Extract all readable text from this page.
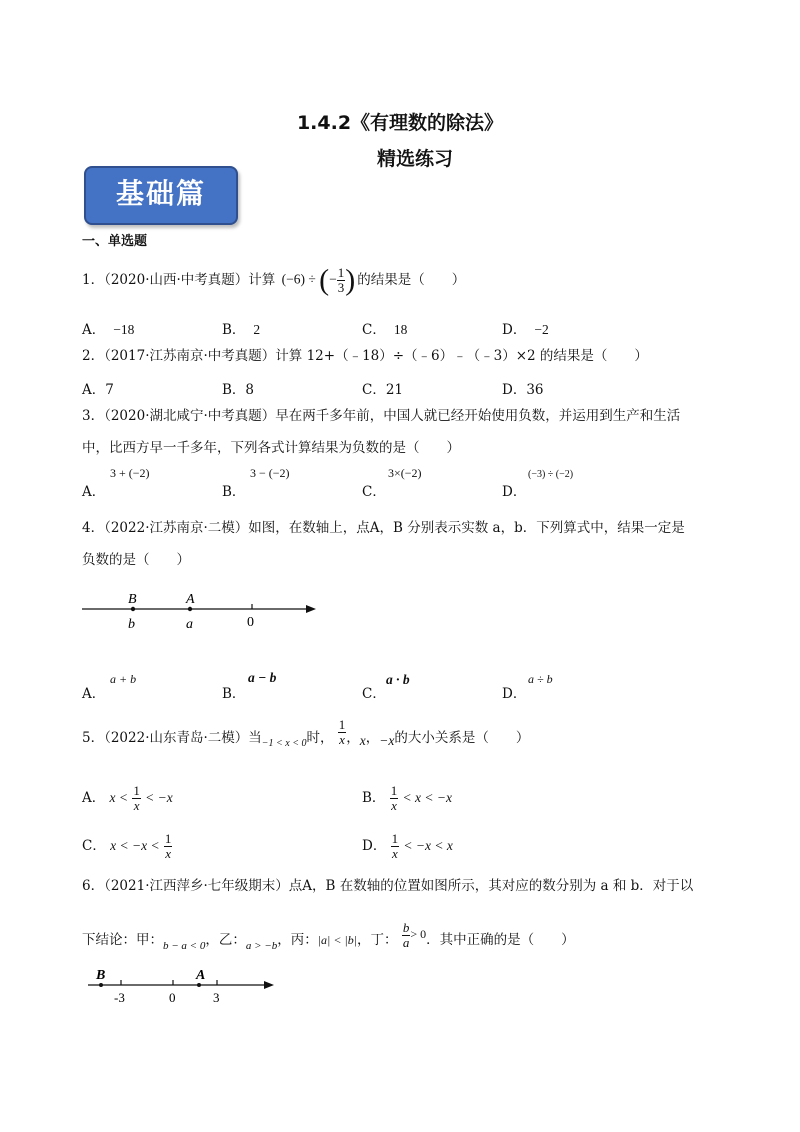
1.4.2《有理数的除法》
精选练习
基础篇
一、单选题
1．（2020·山西·中考真题）计算 (−6) ÷ (− $\frac{1}{3}$ ) 的结果是（　　）
A． −18	B． 2	C． 18	D． −2
2．（2017·江苏南京·中考真题）计算 12+（﹣18）÷（﹣6）﹣（﹣3）×2 的结果是（　　）
A．7	B．8	C．21	D．36
3．（2020·湖北咸宁·中考真题）早在两千多年前，中国人就已经开始使用负数，并运用到生产和生活
中，比西方早一千多年，下列各式计算结果为负数的是（　　）
A．
3 + (−2)
B．
3 − (−2)
C．
3×(−2)
D．
(−3) ÷ (−2)
4．（2022·江苏南京·二模）如图，在数轴上，点A，B 分别表示实数 a，b．下列算式中，结果一定是
负数的是（　　）
B	A
b	a	0
A．
a + b
B．
a − b
C．
a · b
D．
a ÷ b
5．（2022·山东青岛·二模）当$_{-1 < x < 0}$时， $\frac{1}{x}$ ，x，−x的大小关系是（　　）
A． $x < \frac{1}{x} < -x$	B． $\frac{1}{x} < x < -x$
C． $x < -x < \frac{1}{x}$	D． $\frac{1}{x} < -x < x$
6．（2021·江西萍乡·七年级期末）点A，B 在数轴的位置如图所示，其对应的数分别为 a 和 b．对于以
下结论：甲：$_{b - a < 0}$，乙：$_{a > -b}$，丙：|a| < |b|，丁： $\frac{b}{a} > 0$．其中正确的是（　　）
B	A
-3	0	3
